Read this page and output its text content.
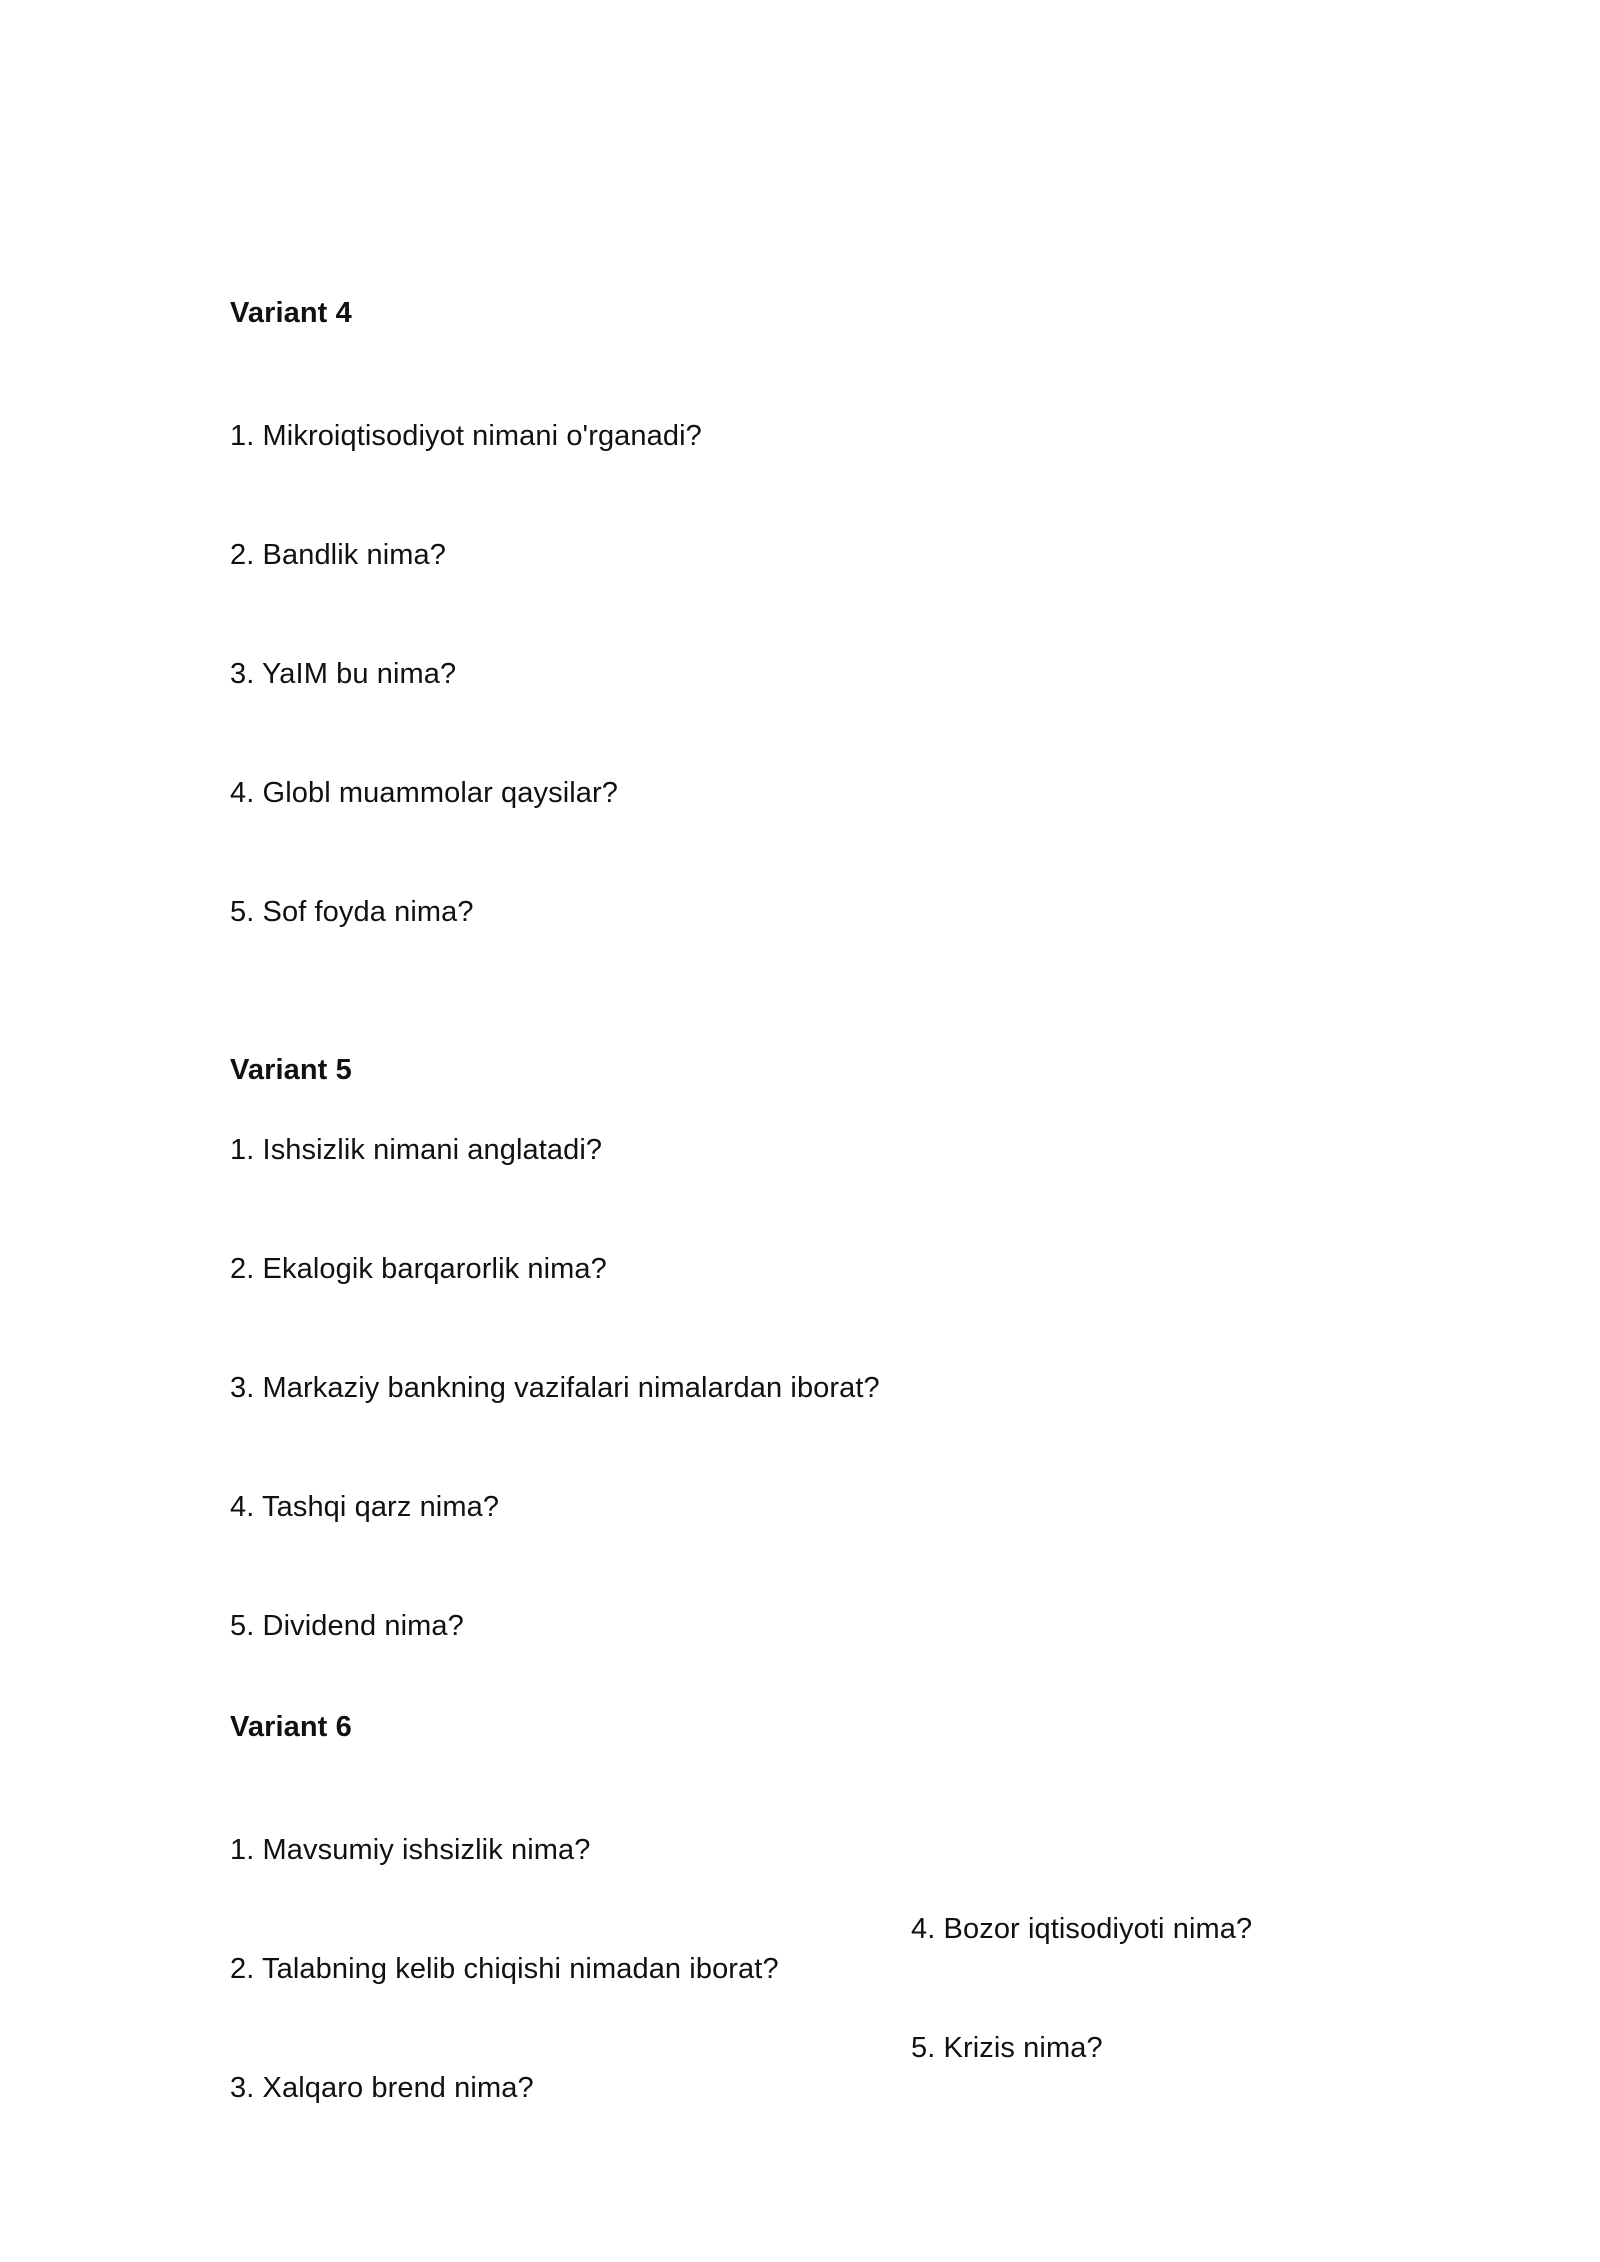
Variant 4
1. Mikroiqtisodiyot nimani o'rganadi?
2. Bandlik nima?
3. YaIM bu nima?
4. Globl muammolar qaysilar?
5. Sof foyda nima?
Variant 5
1. Ishsizlik nimani anglatadi?
2. Ekalogik barqarorlik nima?
3. Markaziy bankning vazifalari nimalardan iborat?
4. Tashqi qarz nima?
5. Dividend nima?
Variant 6
1. Mavsumiy ishsizlik nima?
2. Talabning kelib chiqishi nimadan iborat?
3. Xalqaro brend nima?
4. Bozor iqtisodiyoti nima?
5. Krizis nima?
